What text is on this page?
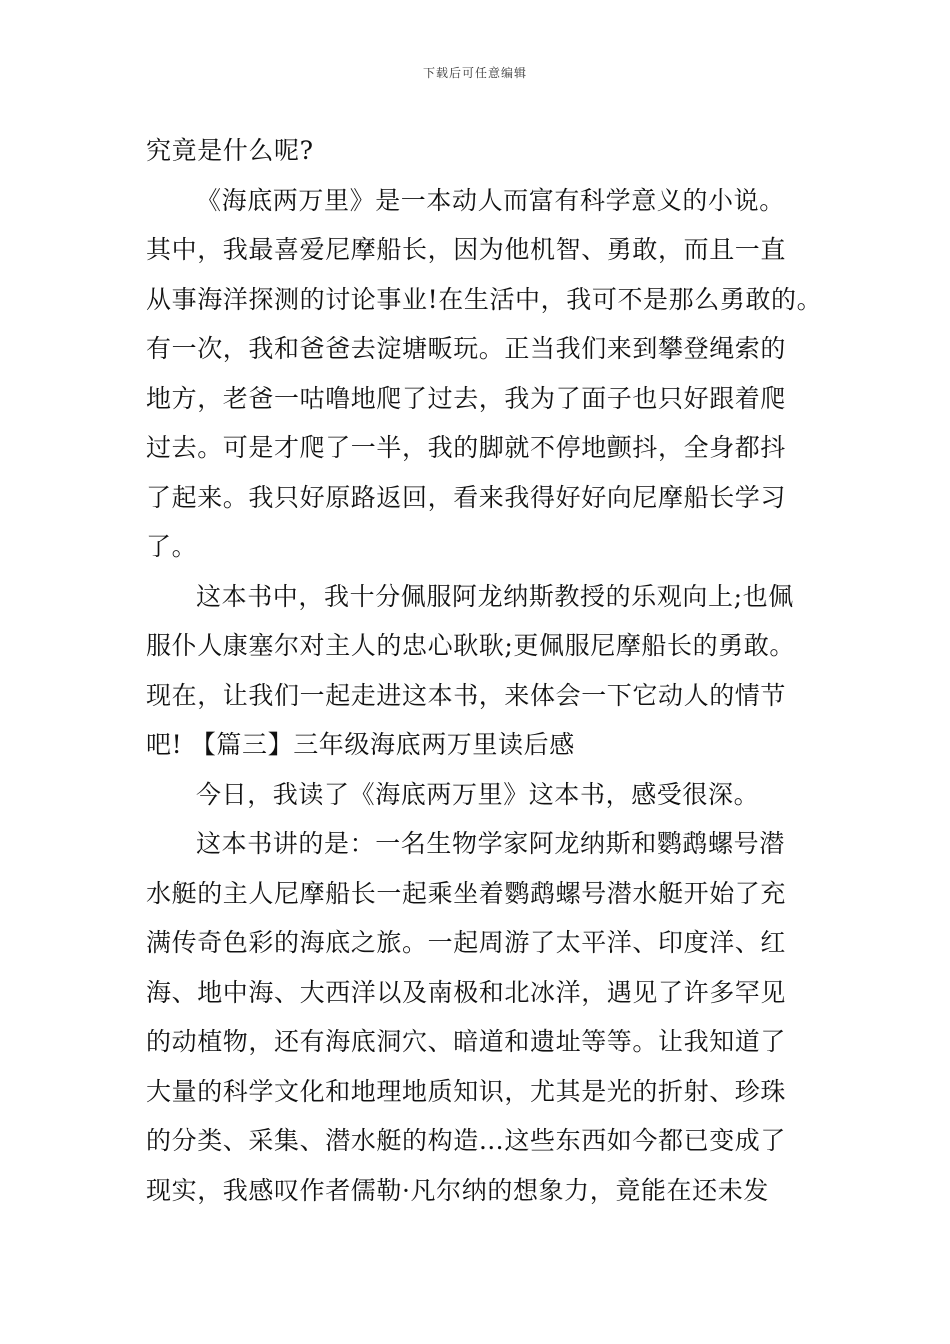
下载后可任意编辑
究竟是什么呢?
《海底两万里》是一本动人而富有科学意义的小说。
其中，我最喜爱尼摩船长，因为他机智、勇敢，而且一直
从事海洋探测的讨论事业!在生活中，我可不是那么勇敢的。
有一次，我和爸爸去淀塘畈玩。正当我们来到攀登绳索的
地方，老爸一咕噜地爬了过去，我为了面子也只好跟着爬
过去。可是才爬了一半，我的脚就不停地颤抖，全身都抖
了起来。我只好原路返回，看来我得好好向尼摩船长学习
了。
这本书中，我十分佩服阿龙纳斯教授的乐观向上;也佩
服仆人康塞尔对主人的忠心耿耿;更佩服尼摩船长的勇敢。
现在，让我们一起走进这本书，来体会一下它动人的情节
吧! 【篇三】三年级海底两万里读后感
今日，我读了《海底两万里》这本书，感受很深。
这本书讲的是：一名生物学家阿龙纳斯和鹦鹉螺号潜
水艇的主人尼摩船长一起乘坐着鹦鹉螺号潜水艇开始了充
满传奇色彩的海底之旅。一起周游了太平洋、印度洋、红
海、地中海、大西洋以及南极和北冰洋，遇见了许多罕见
的动植物，还有海底洞穴、暗道和遗址等等。让我知道了
大量的科学文化和地理地质知识，尤其是光的折射、珍珠
的分类、采集、潜水艇的构造…这些东西如今都已变成了
现实，我感叹作者儒勒·凡尔纳的想象力，竟能在还未发
